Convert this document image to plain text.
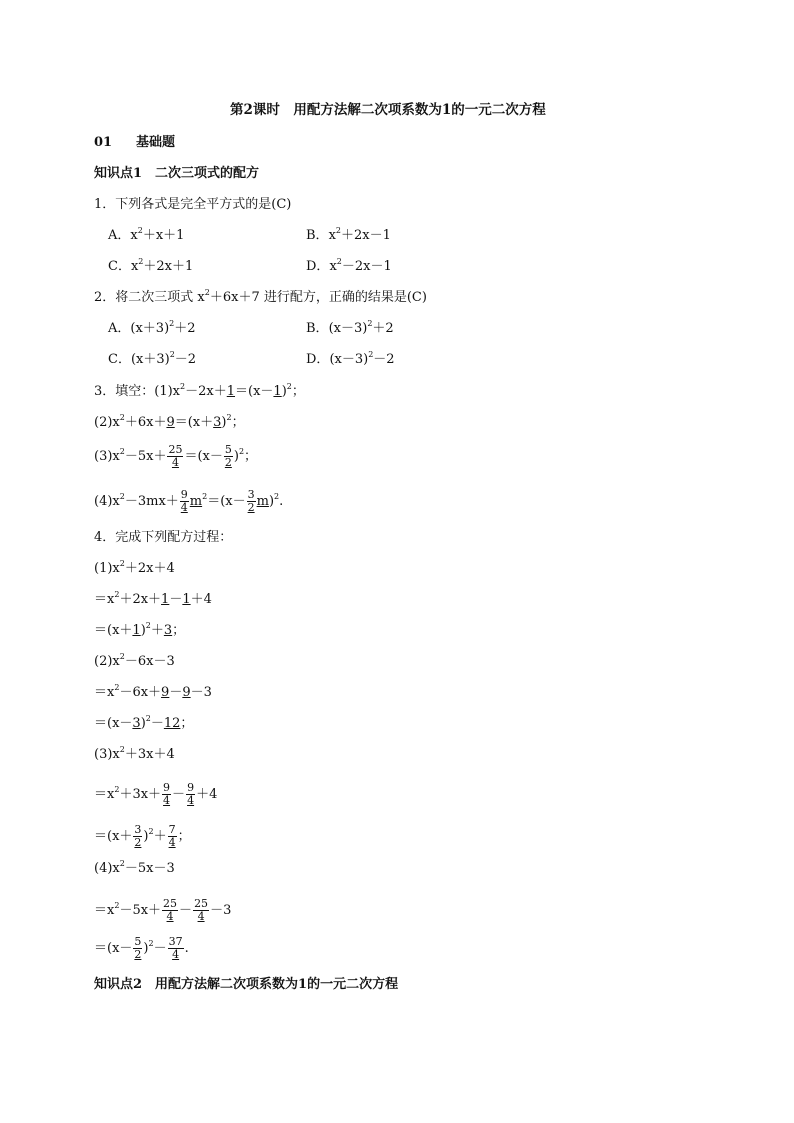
第2课时　用配方法解二次项系数为1的一元二次方程
01 基础题
知识点1　二次三项式的配方
1．下列各式是完全平方式的是(C)
A．$x^2+x+1$	B．$x^2+2x-1$
C．$x^2+2x+1$	D．$x^2-2x-1$
2．将二次三项式 $x^2+6x+7$ 进行配方，正确的结果是(C)
A．$(x+3)^2+2$	B．$(x-3)^2+2$
C．$(x+3)^2-2$	D．$(x-3)^2-2$
3．填空：$(1)x^2-2x+1=(x-1)^2$；
$(2)x^2+6x+9=(x+3)^2$；
$(3)x^2-5x+ \frac{25}{4} =(x- \frac{5}{2} )^2$；
$(4)x^2-3mx+ \frac{9}{4} m^2=(x- \frac{3}{2} m)^2$.
4．完成下列配方过程：
$(1)x^2+2x+4$
$=x^2+2x+1-1+4$
$=(x+1)^2+3$；
$(2)x^2-6x-3$
$=x^2-6x+9-9-3$
$=(x-3)^2-12$；
$(3)x^2+3x+4$
$=x^2+3x+ \frac{9}{4} - \frac{9}{4} +4$
$=(x+ \frac{3}{2} )^2+ \frac{7}{4}$ ；
$(4)x^2-5x-3$
$=x^2-5x+ \frac{25}{4} - \frac{25}{4} -3$
$=(x- \frac{5}{2} )^2- \frac{37}{4}$ .
知识点2　用配方法解二次项系数为1的一元二次方程
